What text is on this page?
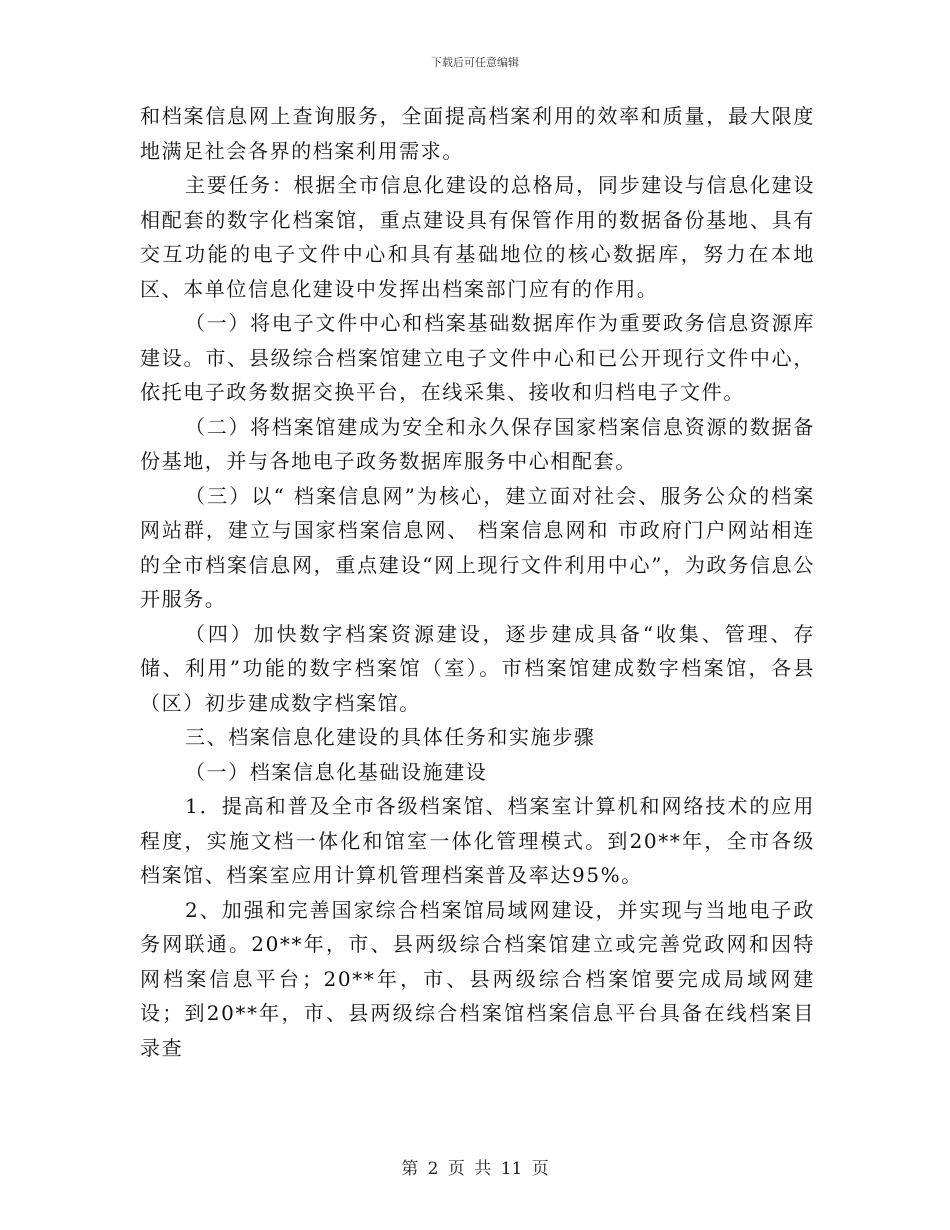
下载后可任意编辑

和档案信息网上查询服务，全面提高档案利用的效率和质量，最大限度地满足社会各界的档案利用需求。

主要任务：根据全市信息化建设的总格局，同步建设与信息化建设相配套的数字化档案馆，重点建设具有保管作用的数据备份基地、具有交互功能的电子文件中心和具有基础地位的核心数据库，努力在本地区、本单位信息化建设中发挥出档案部门应有的作用。

（一）将电子文件中心和档案基础数据库作为重要政务信息资源库建设。市、县级综合档案馆建立电子文件中心和已公开现行文件中心，依托电子政务数据交换平台，在线采集、接收和归档电子文件。

（二）将档案馆建成为安全和永久保存国家档案信息资源的数据备份基地，并与各地电子政务数据库服务中心相配套。

（三）以“ 档案信息网”为核心，建立面对社会、服务公众的档案网站群，建立与国家档案信息网、 档案信息网和 市政府门户网站相连的全市档案信息网，重点建设“网上现行文件利用中心”，为政务信息公开服务。

（四）加快数字档案资源建设，逐步建成具备“收集、管理、存储、利用”功能的数字档案馆（室）。市档案馆建成数字档案馆，各县（区）初步建成数字档案馆。

三、档案信息化建设的具体任务和实施步骤

（一）档案信息化基础设施建设

1．提高和普及全市各级档案馆、档案室计算机和网络技术的应用程度，实施文档一体化和馆室一体化管理模式。到20**年，全市各级档案馆、档案室应用计算机管理档案普及率达95%。

2、加强和完善国家综合档案馆局域网建设，并实现与当地电子政务网联通。20**年，市、县两级综合档案馆建立或完善党政网和因特网档案信息平台；20**年，市、县两级综合档案馆要完成局域网建设；到20**年，市、县两级综合档案馆档案信息平台具备在线档案目录查

第 2 页 共 11 页
